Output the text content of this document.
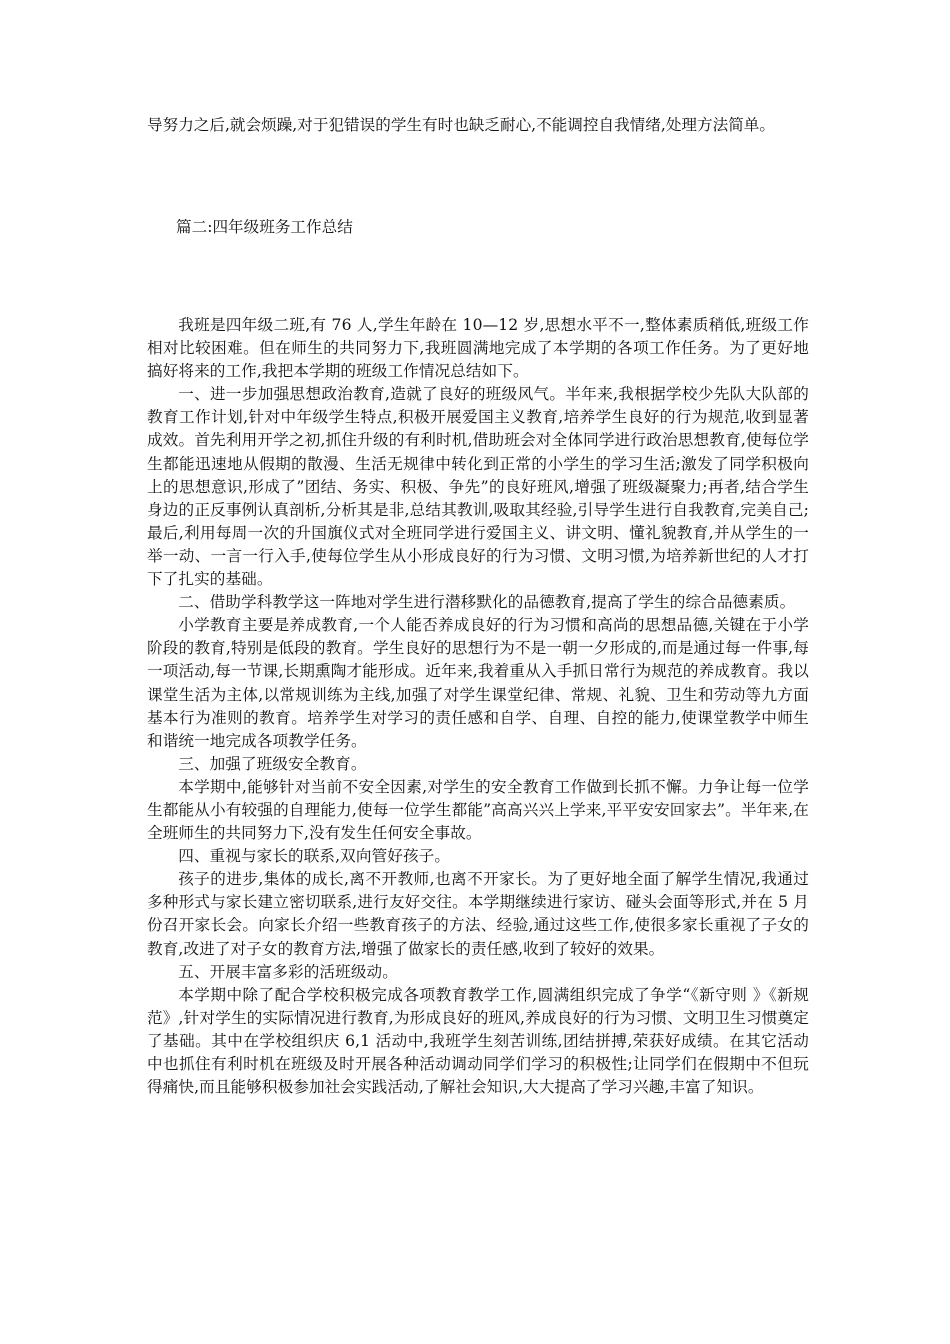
导努力之后,就会烦躁,对于犯错误的学生有时也缺乏耐心,不能调控自我情绪,处理方法简单。
篇二:四年级班务工作总结

我班是四年级二班,有 76 人,学生年龄在 10—12 岁,思想水平不一,整体素质稍低,班级工作相对比较困难。但在师生的共同努力下,我班圆满地完成了本学期的各项工作任务。为了更好地搞好将来的工作,我把本学期的班级工作情况总结如下。

一、进一步加强思想政治教育,造就了良好的班级风气。半年来,我根据学校少先队大队部的教育工作计划,针对中年级学生特点,积极开展爱国主义教育,培养学生良好的行为规范,收到显著成效。首先利用开学之初,抓住升级的有利时机,借助班会对全体同学进行政治思想教育,使每位学生都能迅速地从假期的散漫、生活无规律中转化到正常的小学生的学习生活;激发了同学积极向上的思想意识,形成了”团结、务实、积极、争先”的良好班风,增强了班级凝聚力;再者,结合学生身边的正反事例认真剖析,分析其是非,总结其教训,吸取其经验,引导学生进行自我教育,完美自己;最后,利用每周一次的升国旗仪式对全班同学进行爱国主义、讲文明、懂礼貌教育,并从学生的一举一动、一言一行入手,使每位学生从小形成良好的行为习惯、文明习惯,为培养新世纪的人才打下了扎实的基础。

二、借助学科教学这一阵地对学生进行潜移默化的品德教育,提高了学生的综合品德素质。

小学教育主要是养成教育,一个人能否养成良好的行为习惯和高尚的思想品德,关键在于小学阶段的教育,特别是低段的教育。学生良好的思想行为不是一朝一夕形成的,而是通过每一件事,每一项活动,每一节课,长期熏陶才能形成。近年来,我着重从入手抓日常行为规范的养成教育。我以课堂生活为主体,以常规训练为主线,加强了对学生课堂纪律、常规、礼貌、卫生和劳动等九方面基本行为准则的教育。培养学生对学习的责任感和自学、自理、自控的能力,使课堂教学中师生和谐统一地完成各项教学任务。

三、加强了班级安全教育。

本学期中,能够针对当前不安全因素,对学生的安全教育工作做到长抓不懈。力争让每一位学生都能从小有较强的自理能力,使每一位学生都能”高高兴兴上学来,平平安安回家去”。半年来,在全班师生的共同努力下,没有发生任何安全事故。

四、重视与家长的联系,双向管好孩子。

孩子的进步,集体的成长,离不开教师,也离不开家长。为了更好地全面了解学生情况,我通过多种形式与家长建立密切联系,进行友好交往。本学期继续进行家访、碰头会面等形式,并在 5 月份召开家长会。向家长介绍一些教育孩子的方法、经验,通过这些工作,使很多家长重视了子女的教育,改进了对子女的教育方法,增强了做家长的责任感,收到了较好的效果。

五、开展丰富多彩的活班级动。

本学期中除了配合学校积极完成各项教育教学工作,圆满组织完成了争学“《新守则 》《新规范》,针对学生的实际情况进行教育,为形成良好的班风,养成良好的行为习惯、文明卫生习惯奠定了基础。其中在学校组织庆 6,1 活动中,我班学生刻苦训练,团结拼搏,荣获好成绩。在其它活动中也抓住有利时机在班级及时开展各种活动调动同学们学习的积极性;让同学们在假期中不但玩得痛快,而且能够积极参加社会实践活动,了解社会知识,大大提高了学习兴趣,丰富了知识。
